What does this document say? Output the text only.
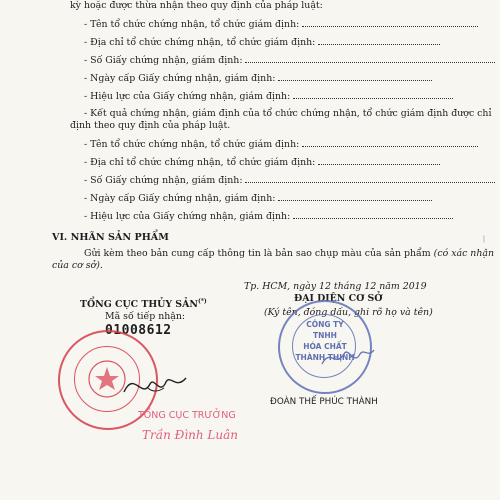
kỳ hoặc được thừa nhận theo quy định của pháp luật:
- Tên tổ chức chứng nhận, tổ chức giám định:
- Địa chỉ tổ chức chứng nhận, tổ chức giám định:
- Số Giấy chứng nhận, giám định:
- Ngày cấp Giấy chứng nhận, giám định:
- Hiệu lực của Giấy chứng nhận, giám định:
- Kết quả chứng nhận, giám định của tổ chức chứng nhận, tổ chức giám định được chỉ
định theo quy định của pháp luật.
- Tên tổ chức chứng nhận, tổ chức giám định:
- Địa chỉ tổ chức chứng nhận, tổ chức giám định:
- Số Giấy chứng nhận, giám định:
- Ngày cấp Giấy chứng nhận, giám định:
- Hiệu lực của Giấy chứng nhận, giám định:
VI. NHÃN SẢN PHẨM
Gửi kèm theo bản cung cấp thông tin là bản sao chụp màu của sản phẩm (có xác nhận
của cơ sở).
Tp. HCM, ngày 12 tháng 12 năm 2019
TỔNG CỤC THỦY SẢN(*)	ĐẠI DIỆN CƠ SỞ
Mã số tiếp nhận:	(Ký tên, đóng dấu, ghi rõ họ và tên)
01008612
TỔNG CỤC TRƯỞNG
Trần Đình Luân
CÔNG TY
TNHH
HÓA CHẤT
THÀNH THỊNH
ĐOÀN THẾ PHÚC THÀNH
┃
